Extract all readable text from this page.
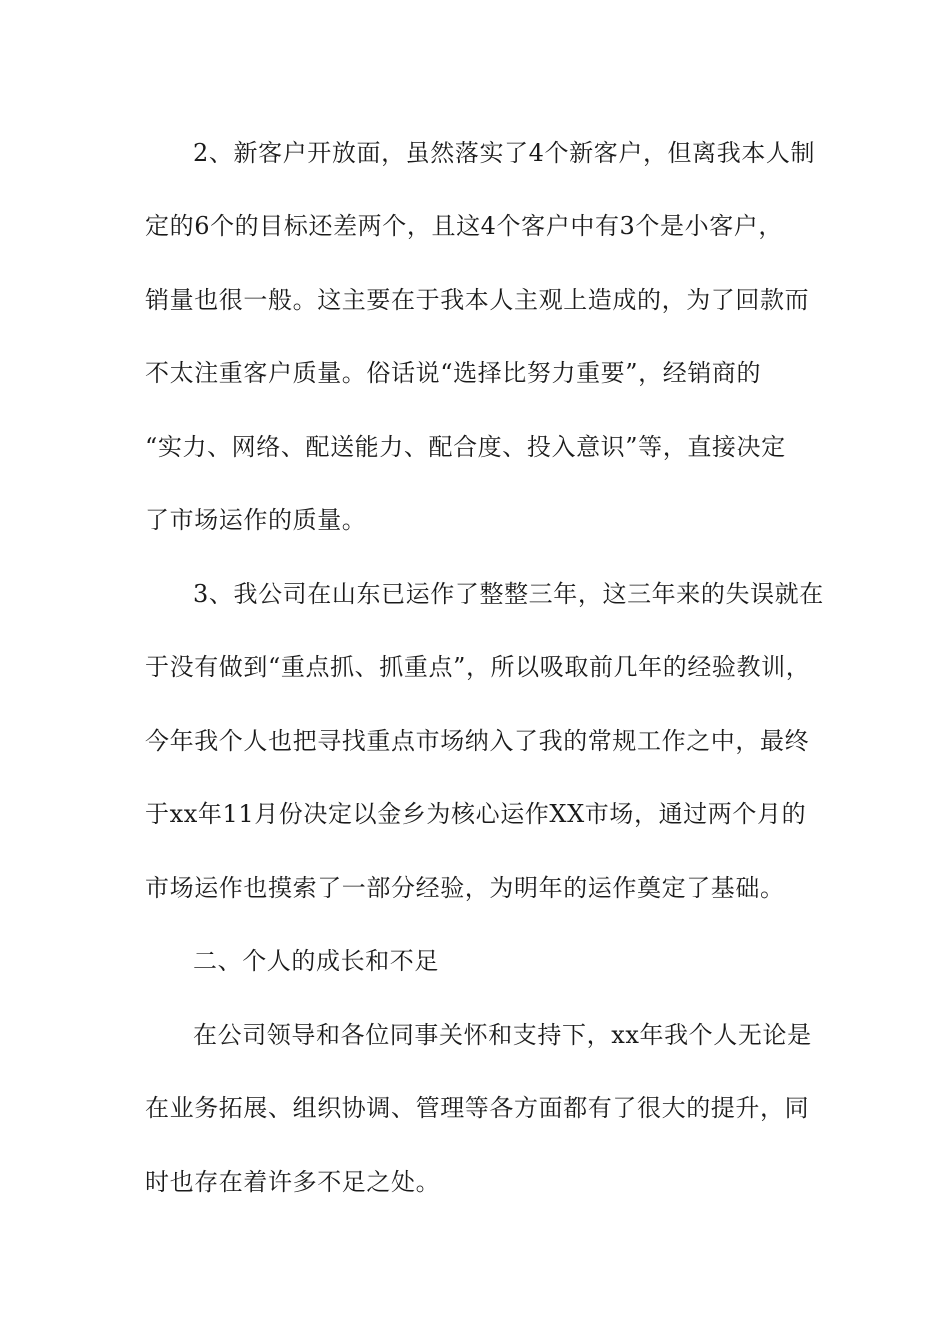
2、新客户开放面，虽然落实了4个新客户，但离我本人制
定的6个的目标还差两个，且这4个客户中有3个是小客户，
销量也很一般。这主要在于我本人主观上造成的，为了回款而
不太注重客户质量。俗话说“选择比努力重要”，经销商的
“实力、网络、配送能力、配合度、投入意识”等，直接决定
了市场运作的质量。
3、我公司在山东已运作了整整三年，这三年来的失误就在
于没有做到“重点抓、抓重点”，所以吸取前几年的经验教训，
今年我个人也把寻找重点市场纳入了我的常规工作之中，最终
于xx年11月份决定以金乡为核心运作XX市场，通过两个月的
市场运作也摸索了一部分经验，为明年的运作奠定了基础。
二、个人的成长和不足
在公司领导和各位同事关怀和支持下，xx年我个人无论是
在业务拓展、组织协调、管理等各方面都有了很大的提升，同
时也存在着许多不足之处。
